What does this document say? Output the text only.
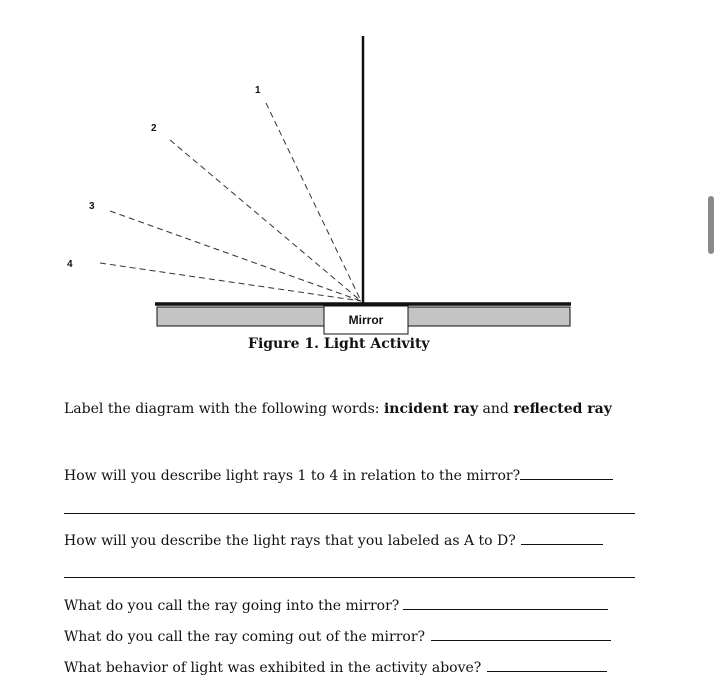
1
2
3
4
Mirror
Figure 1. Light Activity
Label the diagram with the following words: incident ray and reflected ray
How will you describe light rays 1 to 4 in relation to the mirror?
How will you describe the light rays that you labeled as A to D?
What do you call the ray going into the mirror?
What do you call the ray coming out of the mirror?
What behavior of light was exhibited in the activity above?
